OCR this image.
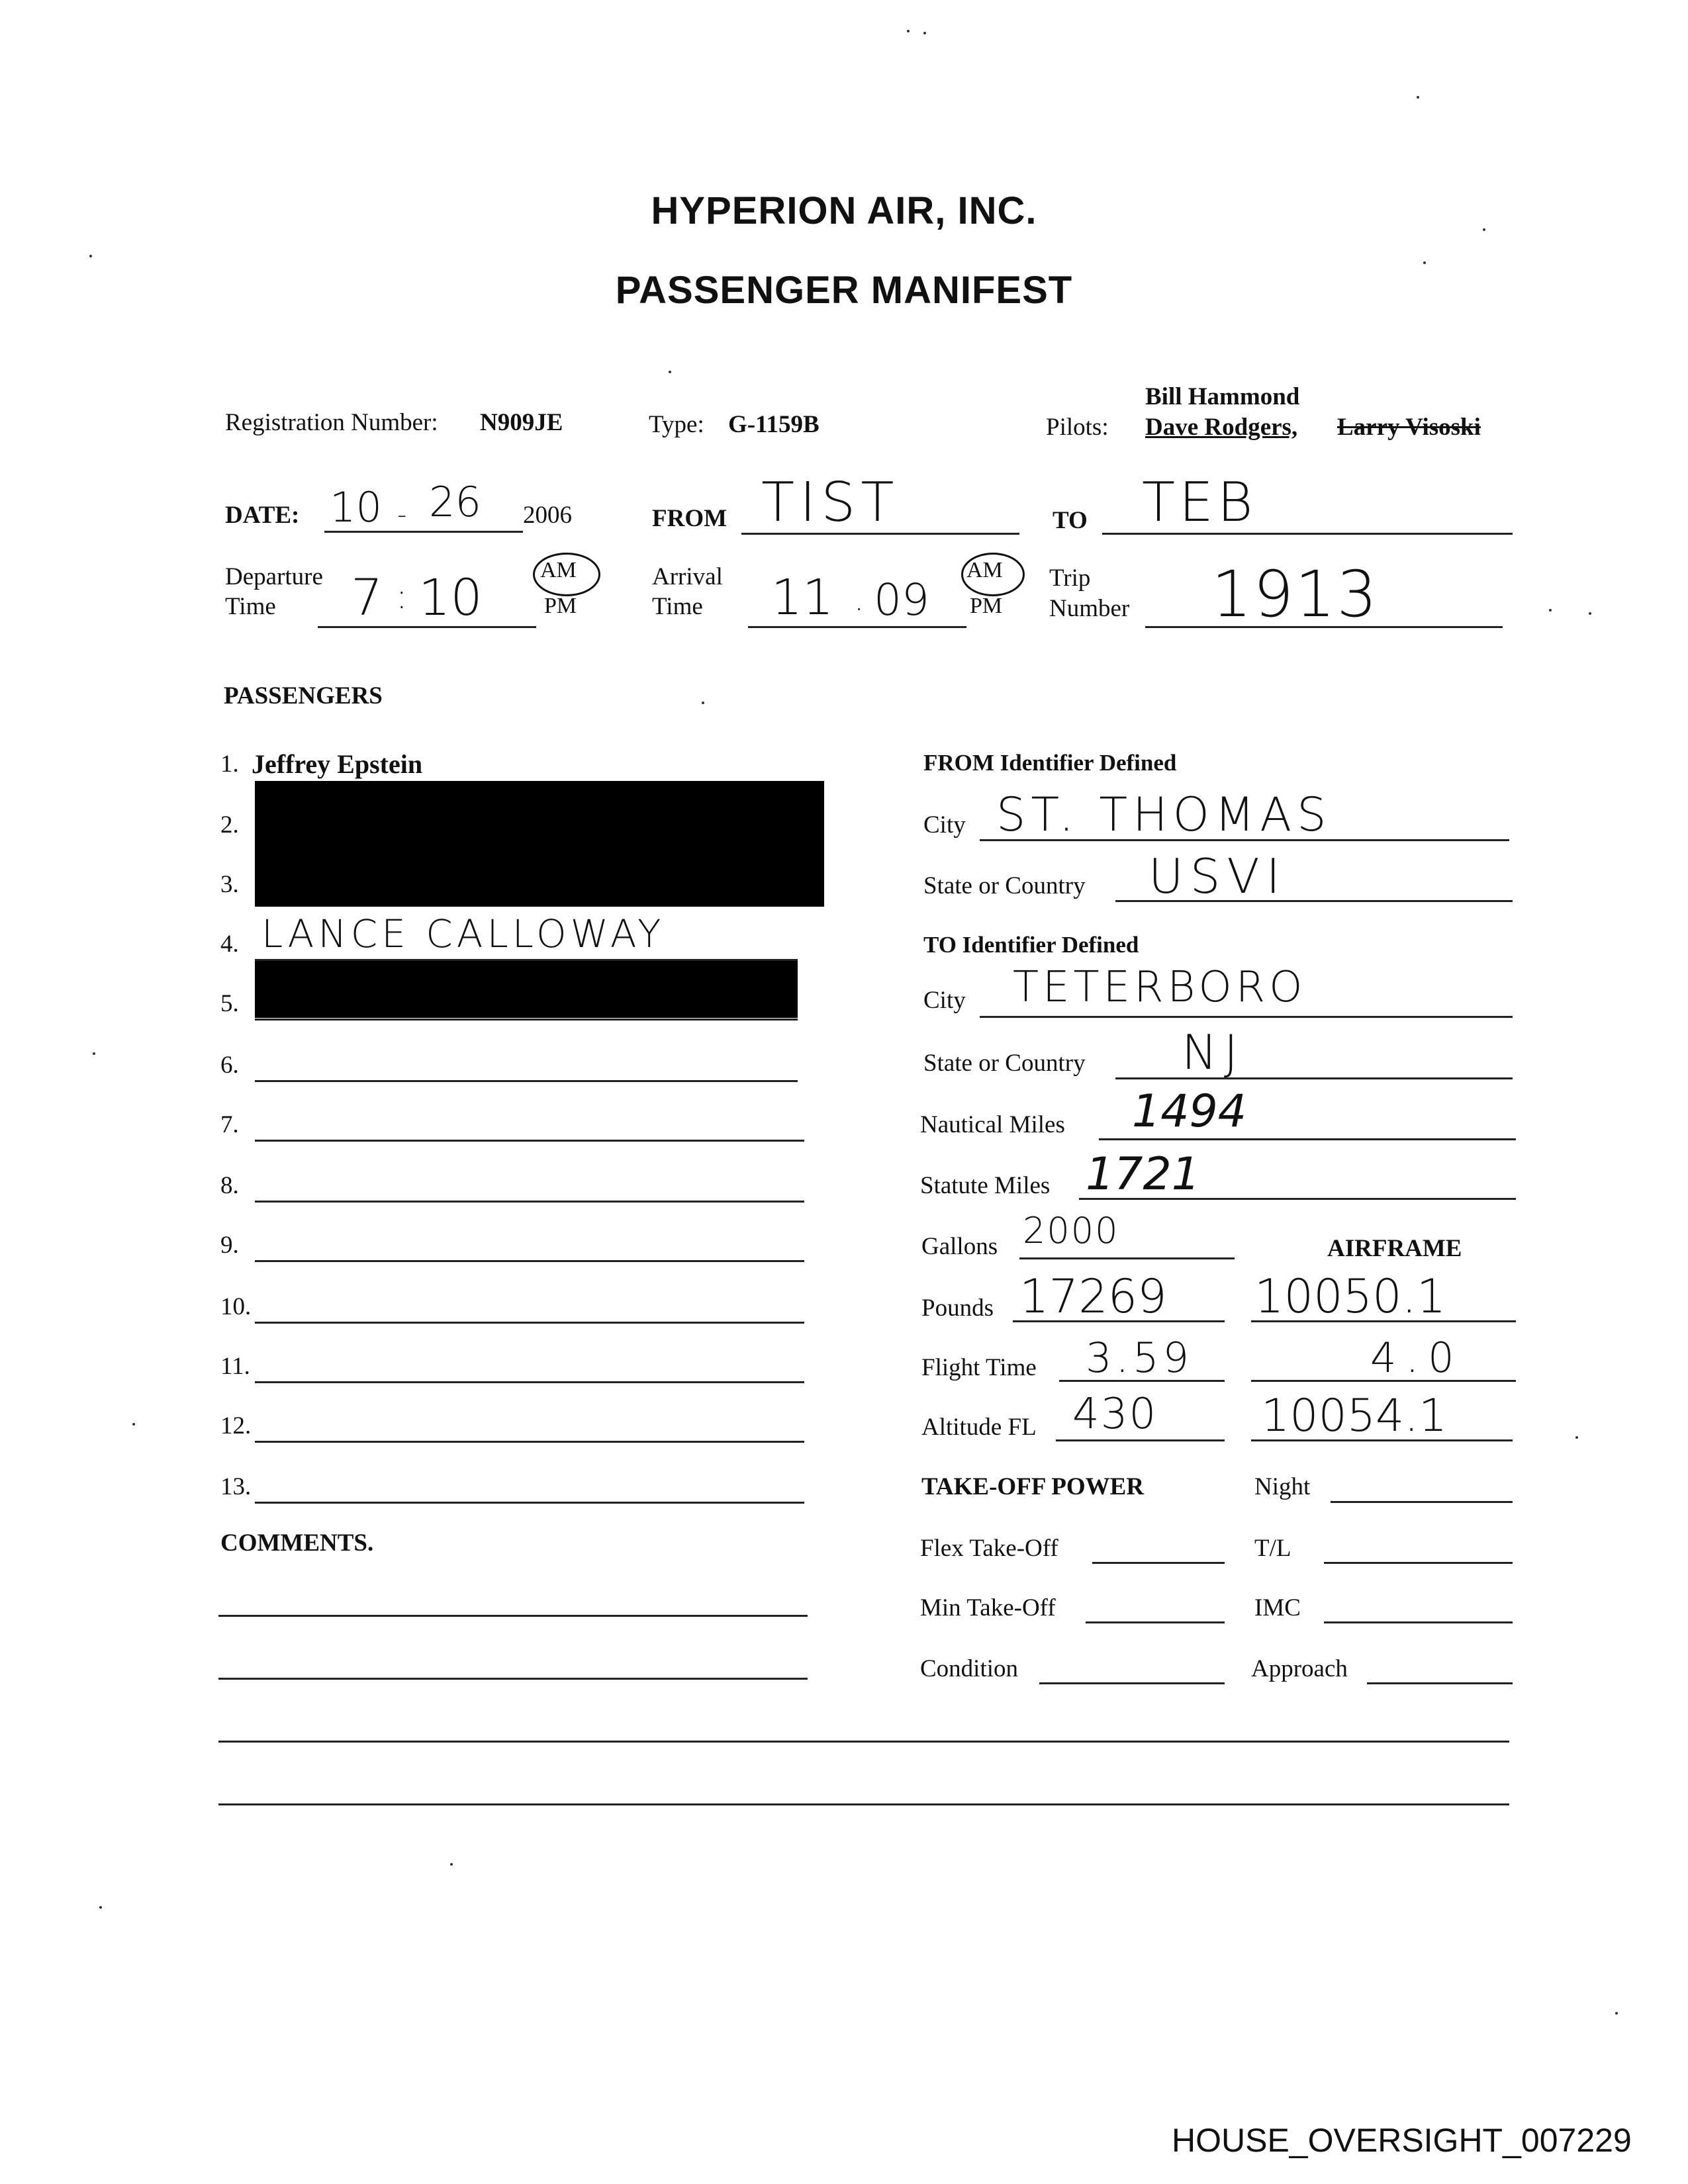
HYPERION AIR, INC.
PASSENGER MANIFEST
Registration Number: N909JE	Type: G-1159B
Bill Hammond
Pilots: Dave Rodgers, Larry Visoski
DATE: 10 - 26 2006	FROM TIST	TO TEB
Departure
Time 7 : 10	AM
PM
Arrival
Time 11 . 09
AM
PM
Trip
Number 1913
PASSENGERS
1. Jeffrey Epstein
2.
3.
4. LANCE CALLOWAY
5.
6.
7.
8.
9.
10.
11.
12.
13.
COMMENTS.
FROM Identifier Defined
City ST. THOMAS
State or Country USVI
TO Identifier Defined
City TETERBORO
State or Country NJ
Nautical Miles 1494
Statute Miles 1721
Gallons 2000	AIRFRAME
Pounds 17269 10050.1
Flight Time 3.59	4.0
Altitude FL 430 10054.1
TAKE-OFF POWER	Night
Flex Take-Off	T/L
Min Take-Off	IMC
Condition	Approach
HOUSE_OVERSIGHT_007229
